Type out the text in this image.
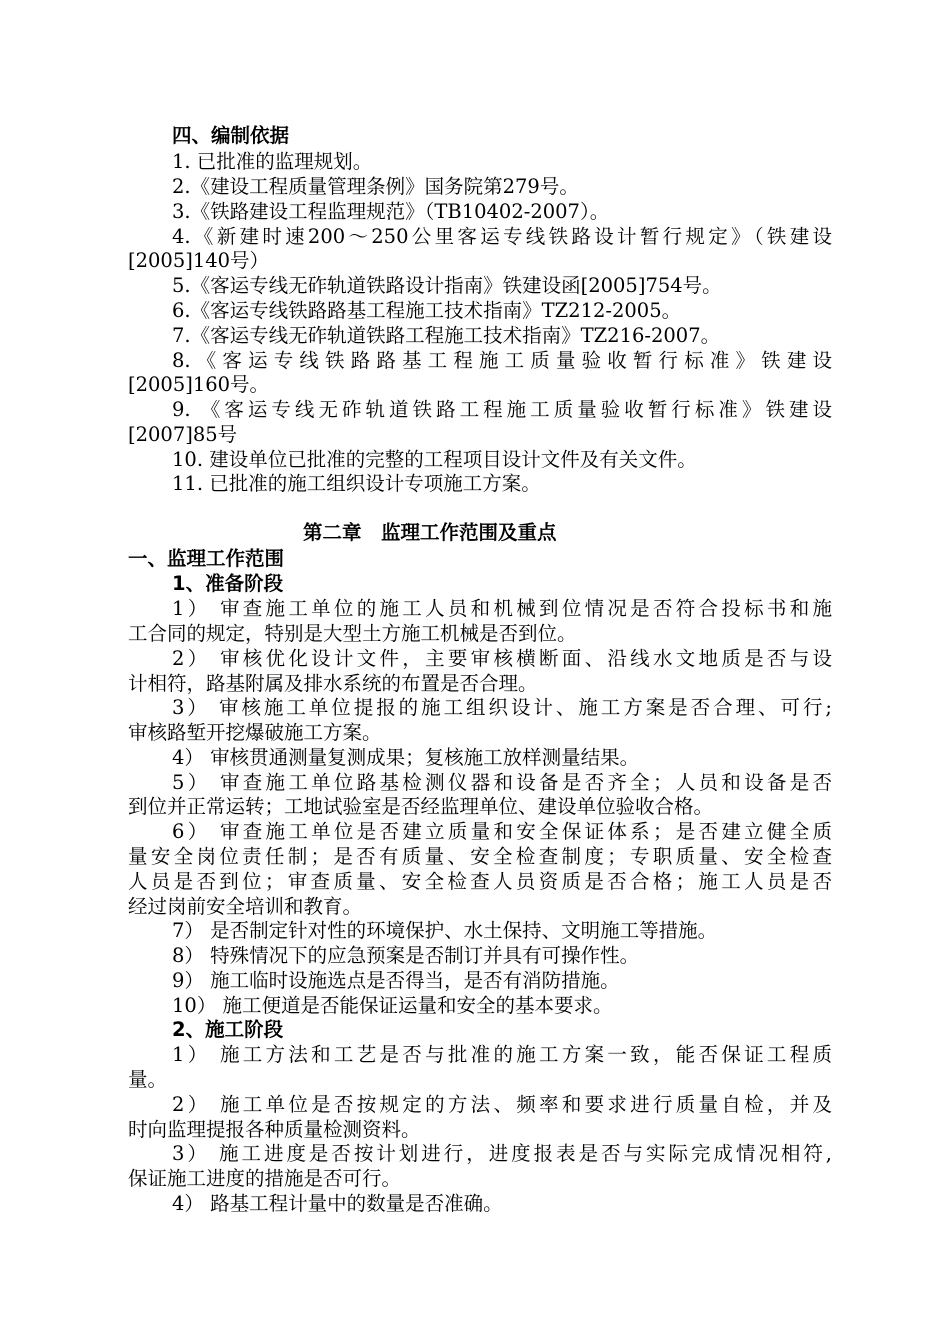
四、编制依据
1. 已批准的监理规划。
2.《建设工程质量管理条例》国务院第279号。
3.《铁路建设工程监理规范》（TB10402-2007）。
4.《新建时速200～250公里客运专线铁路设计暂行规定》（铁建设
[2005]140号）
5.《客运专线无砟轨道铁路设计指南》铁建设函[2005]754号。
6.《客运专线铁路路基工程施工技术指南》TZ212-2005。
7.《客运专线无砟轨道铁路工程施工技术指南》TZ216-2007。
8.《客运专线铁路路基工程施工质量验收暂行标准》铁建设
[2005]160号。
9. 《客运专线无砟轨道铁路工程施工质量验收暂行标准》铁建设
[2007]85号
10. 建设单位已批准的完整的工程项目设计文件及有关文件。
11. 已批准的施工组织设计专项施工方案。
第二章　监理工作范围及重点
一、监理工作范围
1、准备阶段
1） 审查施工单位的施工人员和机械到位情况是否符合投标书和施
工合同的规定，特别是大型土方施工机械是否到位。
2） 审核优化设计文件，主要审核横断面、沿线水文地质是否与设
计相符，路基附属及排水系统的布置是否合理。
3） 审核施工单位提报的施工组织设计、施工方案是否合理、可行;
审核路堑开挖爆破施工方案。
4） 审核贯通测量复测成果；复核施工放样测量结果。
5） 审查施工单位路基检测仪器和设备是否齐全；人员和设备是否
到位并正常运转；工地试验室是否经监理单位、建设单位验收合格。
6） 审查施工单位是否建立质量和安全保证体系；是否建立健全质
量安全岗位责任制；是否有质量、安全检查制度；专职质量、安全检查
人员是否到位；审查质量、安全检查人员资质是否合格；施工人员是否
经过岗前安全培训和教育。
7） 是否制定针对性的环境保护、水土保持、文明施工等措施。
8） 特殊情况下的应急预案是否制订并具有可操作性。
9） 施工临时设施选点是否得当，是否有消防措施。
10） 施工便道是否能保证运量和安全的基本要求。
2、施工阶段
1） 施工方法和工艺是否与批准的施工方案一致，能否保证工程质
量。
2） 施工单位是否按规定的方法、频率和要求进行质量自检，并及
时向监理提报各种质量检测资料。
3） 施工进度是否按计划进行，进度报表是否与实际完成情况相符,
保证施工进度的措施是否可行。
4） 路基工程计量中的数量是否准确。
